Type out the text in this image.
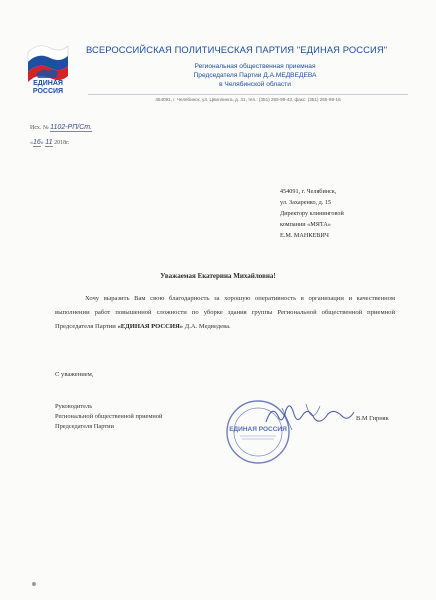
ЕДИНАЯ РОССИЯ
ВСЕРОССИЙСКАЯ ПОЛИТИЧЕСКАЯ ПАРТИЯ "ЕДИНАЯ РОССИЯ"
Региональная общественная приемная
Председателя Партии Д.А.МЕДВЕДЕВА
в Челябинской области
454091, г. Челябинск, ул. Цвиллинга, д. 31, тел.: (351) 265-99-43, факс: (351) 265-99-16
Исх. № 1102-РП/Ст.
«16» 11 2018г.
454091, г. Челябинск,
ул. Захаренко, д. 15
Директору клининговой
компании «МЯТА»
Е.М. МАНКЕВИЧ
Уважаемая Екатерина Михайловна!
Хочу выразить Вам свою благодарность за хорошую оперативность в организации и качественном выполнении работ повышенной сложности по уборке здания группы Региональной общественной приемной Председателя Партии «ЕДИНАЯ РОССИЯ» Д.А. Медведева.
С уважением,
Руководитель
Региональной общественной приемной
Председателя Партии	ЕДИНАЯ РОССИЯ
В.М Гирняк
